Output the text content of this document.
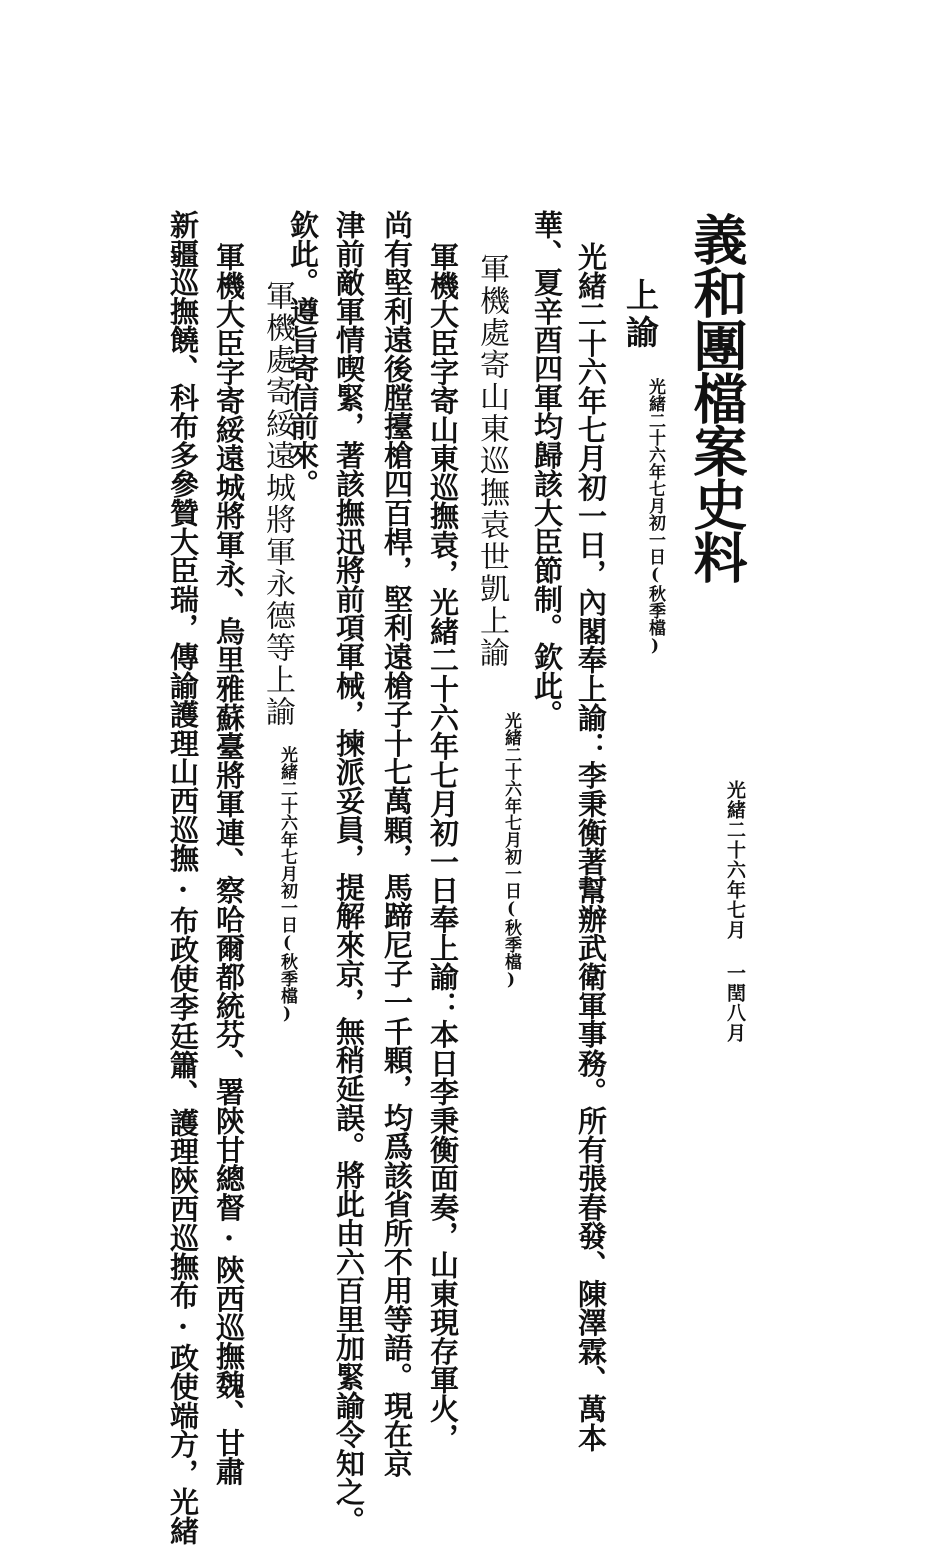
義和團檔案史料
光緒二十六年七月 一閏八月
上諭
光緒二十六年七月初一日(秋季檔)
光緒二十六年七月初一日，內閣奉上諭：李秉衡著幫辦武衛軍事務。所有張春發、陳澤霖、萬本
華、夏辛酉四軍均歸該大臣節制。欽此。
軍機處寄山東巡撫袁世凱上諭
光緒二十六年七月初一日(秋季檔)
軍機大臣字寄山東巡撫袁，光緒二十六年七月初一日奉上諭：本日李秉衡面奏，山東現存軍火，
尚有堅利遠後膛擡槍四百桿，堅利遠槍子十七萬顆，馬蹄尼子一千顆，均爲該省所不用等語。現在京
津前敵軍情喫緊，著該撫迅將前項軍械，揀派妥員，提解來京，無稍延誤。將此由六百里加緊諭令知之。
欽此。遵旨寄信前來。
軍機處寄綏遠城將軍永德等上諭
光緒二十六年七月初一日(秋季檔)
軍機大臣字寄綏遠城將軍永、烏里雅蘇臺將軍連、察哈爾都統芬、署陝甘總督·陝西巡撫魏、甘肅
新疆巡撫饒、科布多參贊大臣瑞，傳諭護理山西巡撫·布政使李廷簫、護理陝西巡撫布·政使端方，光緒
